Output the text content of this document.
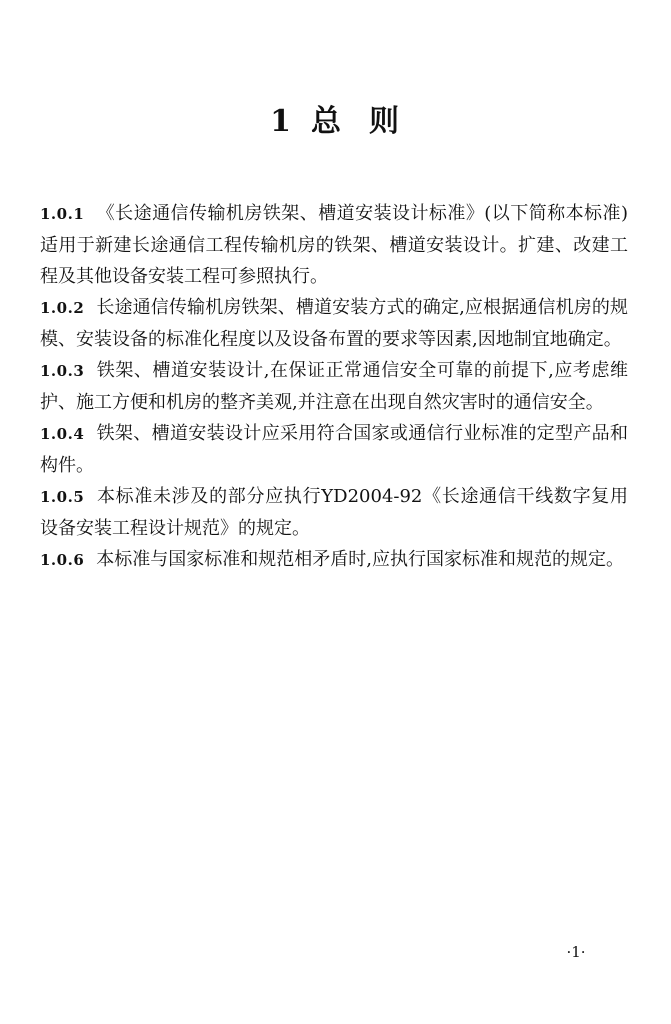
1 总 则

1.0.1 《长途通信传输机房铁架、槽道安装设计标准》(以下简称本标准)适用于新建长途通信工程传输机房的铁架、槽道安装设计。扩建、改建工程及其他设备安装工程可参照执行。

1.0.2 长途通信传输机房铁架、槽道安装方式的确定,应根据通信机房的规模、安装设备的标准化程度以及设备布置的要求等因素,因地制宜地确定。

1.0.3 铁架、槽道安装设计,在保证正常通信安全可靠的前提下,应考虑维护、施工方便和机房的整齐美观,并注意在出现自然灾害时的通信安全。

1.0.4 铁架、槽道安装设计应采用符合国家或通信行业标准的定型产品和构件。

1.0.5 本标准未涉及的部分应执行YD2004-92《长途通信干线数字复用设备安装工程设计规范》的规定。

1.0.6 本标准与国家标准和规范相矛盾时,应执行国家标准和规范的规定。

·1·
